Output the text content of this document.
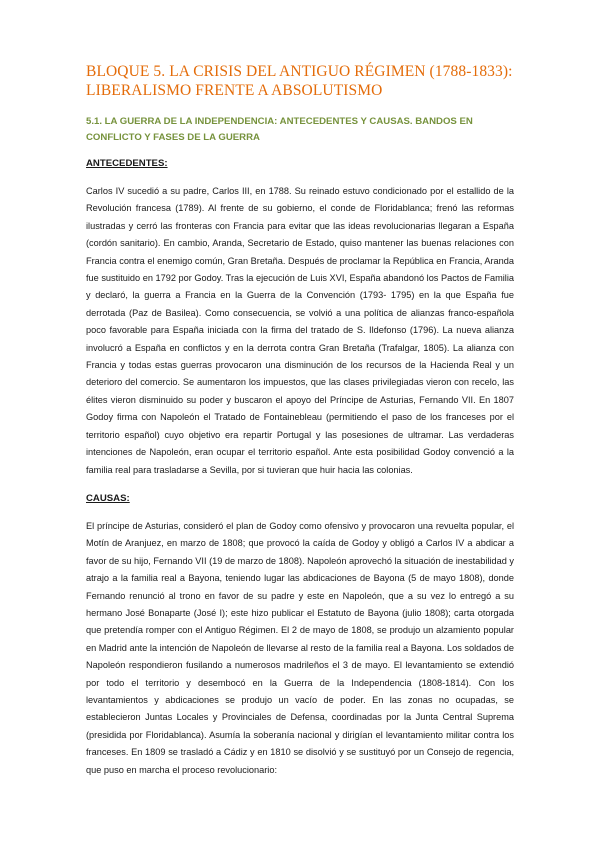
BLOQUE 5. LA CRISIS DEL ANTIGUO RÉGIMEN (1788-1833):
LIBERALISMO FRENTE A ABSOLUTISMO
5.1. LA GUERRA DE LA INDEPENDENCIA: ANTECEDENTES Y CAUSAS. BANDOS EN CONFLICTO Y FASES DE LA GUERRA
ANTECEDENTES:

Carlos IV sucedió a su padre, Carlos III, en 1788. Su reinado estuvo condicionado por el estallido de la Revolución francesa (1789). Al frente de su gobierno, el conde de Floridablanca; frenó las reformas ilustradas y cerró las fronteras con Francia para evitar que las ideas revolucionarias llegaran a España (cordón sanitario). En cambio, Aranda, Secretario de Estado, quiso mantener las buenas relaciones con Francia contra el enemigo común, Gran Bretaña. Después de proclamar la República en Francia, Aranda fue sustituido en 1792 por Godoy. Tras la ejecución de Luis XVI, España abandonó los Pactos de Familia y declaró, la guerra a Francia en la Guerra de la Convención (1793- 1795) en la que España fue derrotada (Paz de Basilea). Como consecuencia, se volvió a una política de alianzas franco-española poco favorable para España iniciada con la firma del tratado de S. Ildefonso (1796). La nueva alianza involucró a España en conflictos y en la derrota contra Gran Bretaña (Trafalgar, 1805). La alianza con Francia y todas estas guerras provocaron una disminución de los recursos de la Hacienda Real y un deterioro del comercio. Se aumentaron los impuestos, que las clases privilegiadas vieron con recelo, las élites vieron disminuido su poder y buscaron el apoyo del Príncipe de Asturias, Fernando VII. En 1807 Godoy firma con Napoleón el Tratado de Fontainebleau (permitiendo el paso de los franceses por el territorio español) cuyo objetivo era repartir Portugal y las posesiones de ultramar. Las verdaderas intenciones de Napoleón, eran ocupar el territorio español. Ante esta posibilidad Godoy convenció a la familia real para trasladarse a Sevilla, por si tuvieran que huir hacia las colonias.

CAUSAS:

El príncipe de Asturias, consideró el plan de Godoy como ofensivo y provocaron una revuelta popular, el Motín de Aranjuez, en marzo de 1808; que provocó la caída de Godoy y obligó a Carlos IV a abdicar a favor de su hijo, Fernando VII (19 de marzo de 1808). Napoleón aprovechó la situación de inestabilidad y atrajo a la familia real a Bayona, teniendo lugar las abdicaciones de Bayona (5 de mayo 1808), donde Fernando renunció al trono en favor de su padre y este en Napoleón, que a su vez lo entregó a su hermano José Bonaparte (José I); este hizo publicar el Estatuto de Bayona (julio 1808); carta otorgada que pretendía romper con el Antiguo Régimen. El 2 de mayo de 1808, se produjo un alzamiento popular en Madrid ante la intención de Napoleón de llevarse al resto de la familia real a Bayona. Los soldados de Napoleón respondieron fusilando a numerosos madrileños el 3 de mayo. El levantamiento se extendió por todo el territorio y desembocó en la Guerra de la Independencia (1808-1814). Con los levantamientos y abdicaciones se produjo un vacío de poder. En las zonas no ocupadas, se establecieron Juntas Locales y Provinciales de Defensa, coordinadas por la Junta Central Suprema (presidida por Floridablanca). Asumía la soberanía nacional y dirigían el levantamiento militar contra los franceses. En 1809 se trasladó a Cádiz y en 1810 se disolvió y se sustituyó por un Consejo de regencia, que puso en marcha el proceso revolucionario:
